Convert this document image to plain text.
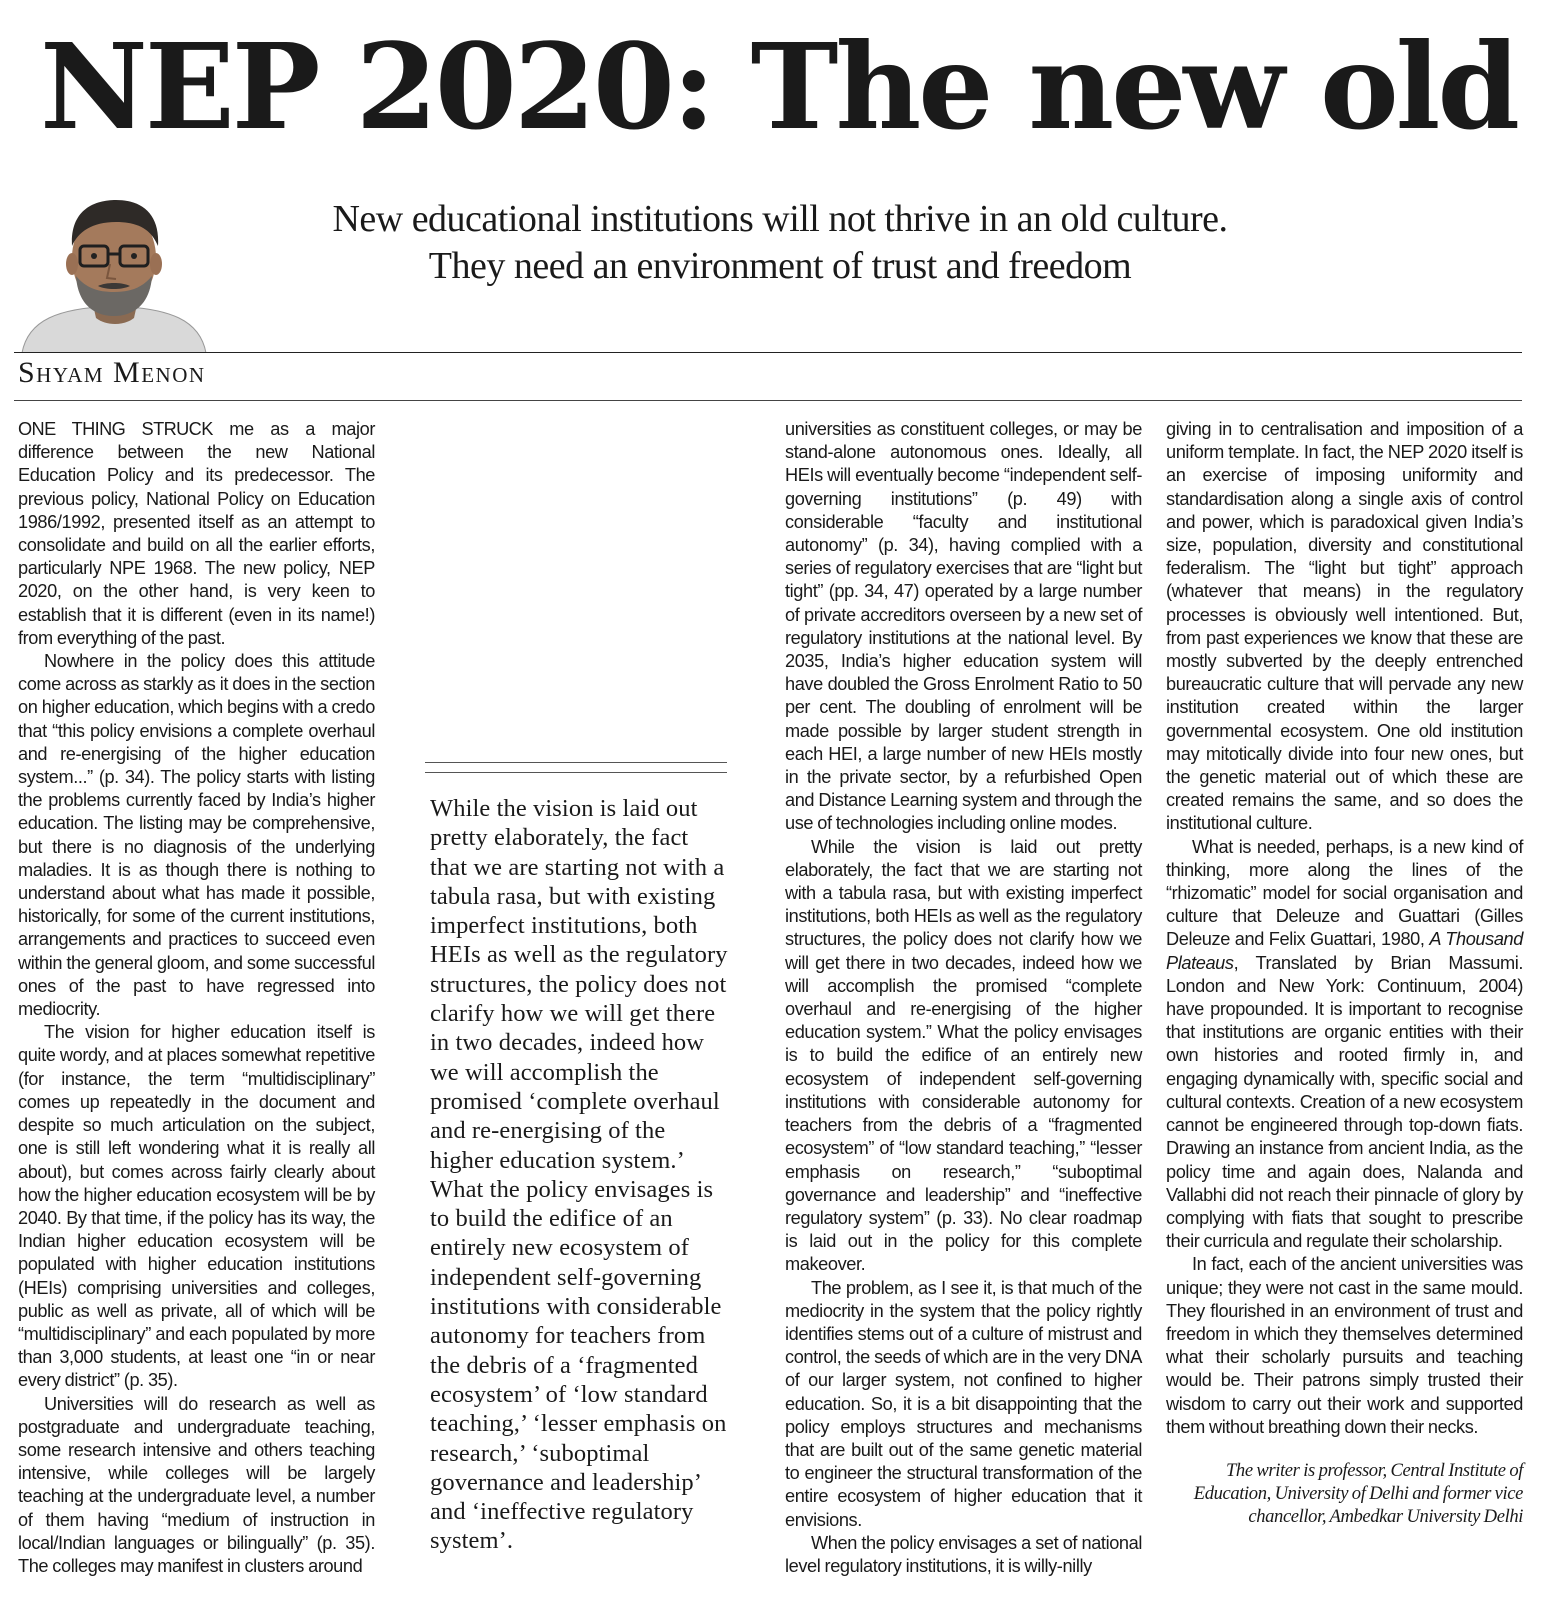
NEP 2020: The new old

New educational institutions will not thrive in an old culture. They need an environment of trust and freedom

Shyam Menon

ONE THING STRUCK me as a major difference between the new National Education Policy and its predecessor. The previous policy, National Policy on Education 1986/1992, presented itself as an attempt to consolidate and build on all the earlier efforts, particularly NPE 1968. The new policy, NEP 2020, on the other hand, is very keen to establish that it is different (even in its name!) from everything of the past.

Nowhere in the policy does this attitude come across as starkly as it does in the section on higher education, which begins with a credo that “this policy envisions a complete overhaul and re-energising of the higher education system...” (p. 34). The policy starts with listing the problems currently faced by India’s higher education. The listing may be comprehensive, but there is no diagnosis of the underlying maladies. It is as though there is nothing to understand about what has made it possible, historically, for some of the current institutions, arrangements and practices to succeed even within the general gloom, and some successful ones of the past to have regressed into mediocrity.

The vision for higher education itself is quite wordy, and at places somewhat repetitive (for instance, the term “multidisciplinary” comes up repeatedly in the document and despite so much articulation on the subject, one is still left wondering what it is really all about), but comes across fairly clearly about how the higher education ecosystem will be by 2040. By that time, if the policy has its way, the Indian higher education ecosystem will be populated with higher education institutions (HEIs) comprising universities and colleges, public as well as private, all of which will be “multidisciplinary” and each populated by more than 3,000 students, at least one “in or near every district” (p. 35).

Universities will do research as well as postgraduate and undergraduate teaching, some research intensive and others teaching intensive, while colleges will be largely teaching at the undergraduate level, a number of them having “medium of instruction in local/Indian languages or bilingually” (p. 35). The colleges may manifest in clusters around

While the vision is laid out pretty elaborately, the fact that we are starting not with a tabula rasa, but with existing imperfect institutions, both HEIs as well as the regulatory structures, the policy does not clarify how we will get there in two decades, indeed how we will accomplish the promised ‘complete overhaul and re-energising of the higher education system.’ What the policy envisages is to build the edifice of an entirely new ecosystem of independent self-governing institutions with considerable autonomy for teachers from the debris of a ‘fragmented ecosystem’ of ‘low standard teaching,’ ‘lesser emphasis on research,’ ‘suboptimal governance and leadership’ and ‘ineffective regulatory system’.

universities as constituent colleges, or may be stand-alone autonomous ones. Ideally, all HEIs will eventually become “independent self-governing institutions” (p. 49) with considerable “faculty and institutional autonomy” (p. 34), having complied with a series of regulatory exercises that are “light but tight” (pp. 34, 47) operated by a large number of private accreditors overseen by a new set of regulatory institutions at the national level. By 2035, India’s higher education system will have doubled the Gross Enrolment Ratio to 50 per cent. The doubling of enrolment will be made possible by larger student strength in each HEI, a large number of new HEIs mostly in the private sector, by a refurbished Open and Distance Learning system and through the use of technologies including online modes.

While the vision is laid out pretty elaborately, the fact that we are starting not with a tabula rasa, but with existing imperfect institutions, both HEIs as well as the regulatory structures, the policy does not clarify how we will get there in two decades, indeed how we will accomplish the promised “complete overhaul and re-energising of the higher education system.” What the policy envisages is to build the edifice of an entirely new ecosystem of independent self-governing institutions with considerable autonomy for teachers from the debris of a “fragmented ecosystem” of “low standard teaching,” “lesser emphasis on research,” “suboptimal governance and leadership” and “ineffective regulatory system” (p. 33). No clear roadmap is laid out in the policy for this complete makeover.

The problem, as I see it, is that much of the mediocrity in the system that the policy rightly identifies stems out of a culture of mistrust and control, the seeds of which are in the very DNA of our larger system, not confined to higher education. So, it is a bit disappointing that the policy employs structures and mechanisms that are built out of the same genetic material to engineer the structural transformation of the entire ecosystem of higher education that it envisions.

When the policy envisages a set of national level regulatory institutions, it is willy-nilly

giving in to centralisation and imposition of a uniform template. In fact, the NEP 2020 itself is an exercise of imposing uniformity and standardisation along a single axis of control and power, which is paradoxical given India’s size, population, diversity and constitutional federalism. The “light but tight” approach (whatever that means) in the regulatory processes is obviously well intentioned. But, from past experiences we know that these are mostly subverted by the deeply entrenched bureaucratic culture that will pervade any new institution created within the larger governmental ecosystem. One old institution may mitotically divide into four new ones, but the genetic material out of which these are created remains the same, and so does the institutional culture.

What is needed, perhaps, is a new kind of thinking, more along the lines of the “rhizomatic” model for social organisation and culture that Deleuze and Guattari (Gilles Deleuze and Felix Guattari, 1980, A Thousand Plateaus, Translated by Brian Massumi. London and New York: Continuum, 2004) have propounded. It is important to recognise that institutions are organic entities with their own histories and rooted firmly in, and engaging dynamically with, specific social and cultural contexts. Creation of a new ecosystem cannot be engineered through top-down fiats. Drawing an instance from ancient India, as the policy time and again does, Nalanda and Vallabhi did not reach their pinnacle of glory by complying with fiats that sought to prescribe their curricula and regulate their scholarship.

In fact, each of the ancient universities was unique; they were not cast in the same mould. They flourished in an environment of trust and freedom in which they themselves determined what their scholarly pursuits and teaching would be. Their patrons simply trusted their wisdom to carry out their work and supported them without breathing down their necks.

The writer is professor, Central Institute of Education, University of Delhi and former vice chancellor, Ambedkar University Delhi
